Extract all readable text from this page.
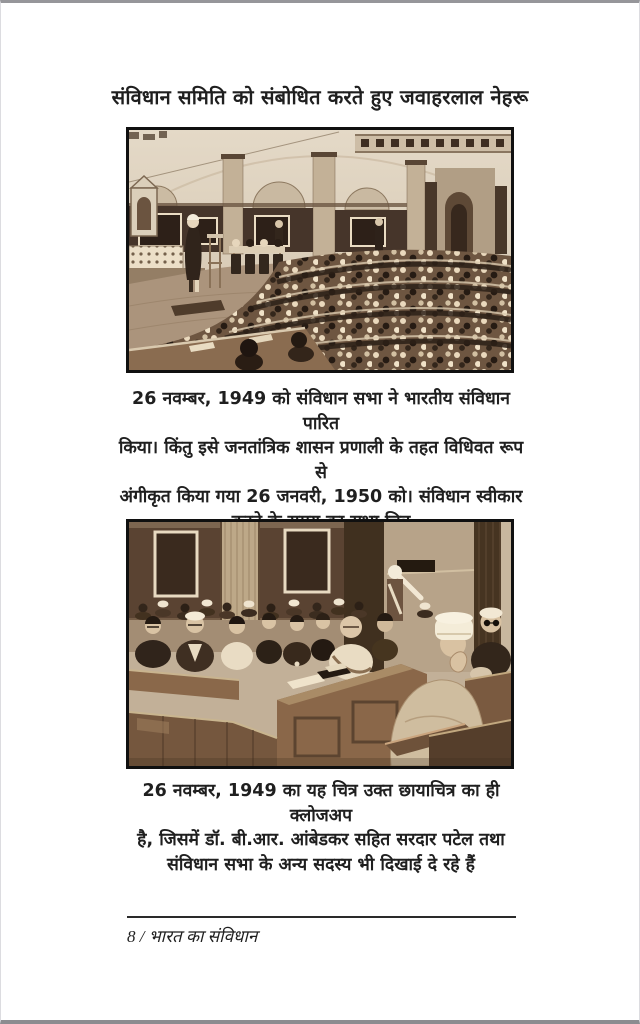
संविधान समिति को संबोधित करते हुए जवाहरलाल नेहरू
26 नवम्बर, 1949 को संविधान सभा ने भारतीय संविधान पारित
किया। किंतु इसे जनतांत्रिक शासन प्रणाली के तहत विधिवत रूप से
अंगीकृत किया गया 26 जनवरी, 1950 को। संविधान स्वीकार
26 नवम्बर, 1949 का यह चित्र उक्त छायाचित्र का ही क्लोजअप
है, जिसमें डॉ. बी.आर. आंबेडकर सहित सरदार पटेल तथा
संविधान सभा के अन्य सदस्य भी दिखाई दे रहे हैं
8 / भारत का संविधान
